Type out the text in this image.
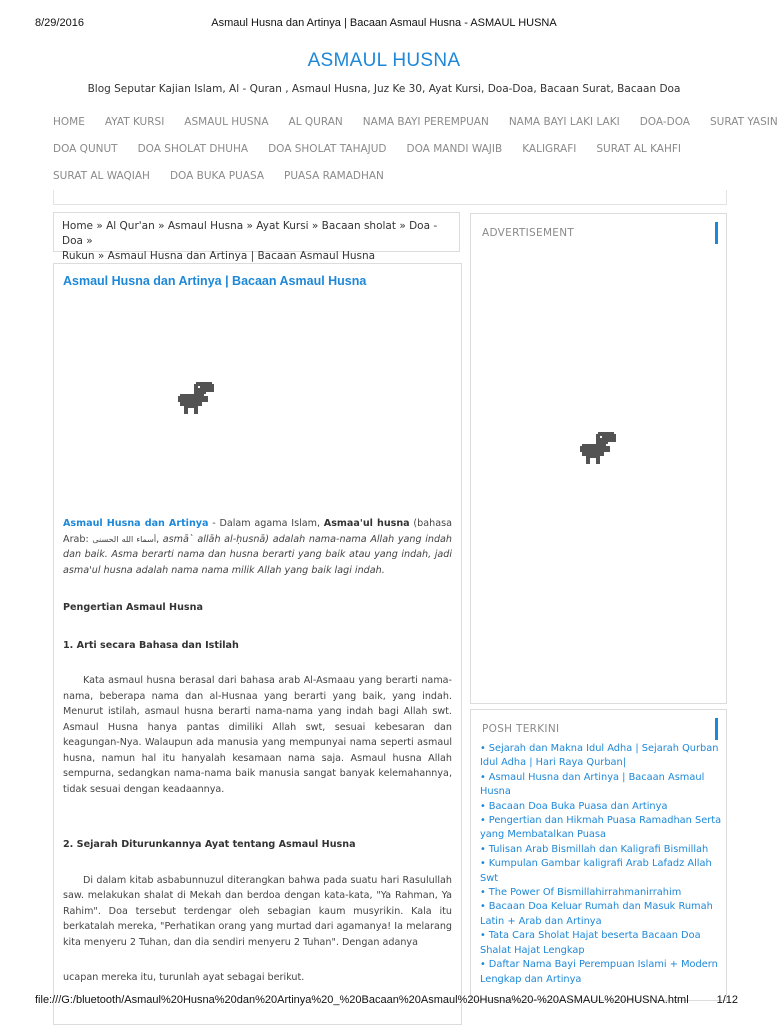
8/29/2016	Asmaul Husna dan Artinya | Bacaan Asmaul Husna - ASMAUL HUSNA
ASMAUL HUSNA
Blog Seputar Kajian Islam, Al - Quran , Asmaul Husna, Juz Ke 30, Ayat Kursi, Doa-Doa, Bacaan Surat, Bacaan Doa
HOME AYAT KURSI ASMAUL HUSNA AL QURAN NAMA BAYI PEREMPUAN NAMA BAYI LAKI LAKI DOA-DOA SURAT YASIN
DOA QUNUT DOA SHOLAT DHUHA DOA SHOLAT TAHAJUD DOA MANDI WAJIB KALIGRAFI SURAT AL KAHFI
SURAT AL WAQIAH DOA BUKA PUASA PUASA RAMADHAN
Home » Al Qur'an » Asmaul Husna » Ayat Kursi » Bacaan sholat » Doa - Doa »
Rukun » Asmaul Husna dan Artinya | Bacaan Asmaul Husna
Asmaul Husna dan Artinya | Bacaan Asmaul Husna

Asmaul Husna dan Artinya - Dalam agama Islam, Asmaa'ul husna (bahasa Arab: أسماء الله الحسنى, asmā` allāh al-ḥusnā) adalah nama-nama Allah yang indah dan baik. Asma berarti nama dan husna berarti yang baik atau yang indah, jadi asma'ul husna adalah nama nama milik Allah yang baik lagi indah.

Pengertian Asmaul Husna

1. Arti secara Bahasa dan Istilah

Kata asmaul husna berasal dari bahasa arab Al-Asmaau yang berarti nama-nama, beberapa nama dan al-Husnaa yang berarti yang baik, yang indah. Menurut istilah, asmaul husna berarti nama-nama yang indah bagi Allah swt. Asmaul Husna hanya pantas dimiliki Allah swt, sesuai kebesaran dan keagungan-Nya. Walaupun ada manusia yang mempunyai nama seperti asmaul husna, namun hal itu hanyalah kesamaan nama saja. Asmaul husna Allah sempurna, sedangkan nama-nama baik manusia sangat banyak kelemahannya, tidak sesuai dengan keadaannya.

2. Sejarah Diturunkannya Ayat tentang Asmaul Husna

Di dalam kitab asbabunnuzul diterangkan bahwa pada suatu hari Rasulullah saw. melakukan shalat di Mekah dan berdoa dengan kata-kata, "Ya Rahman, Ya Rahim". Doa tersebut terdengar oleh sebagian kaum musyrikin. Kala itu berkatalah mereka, "Perhatikan orang yang murtad dari agamanya! Ia melarang kita menyeru 2 Tuhan, dan dia sendiri menyeru 2 Tuhan". Dengan adanya

ucapan mereka itu, turunlah ayat sebagai berikut.

ADVERTISEMENT
POSH TERKINI
• Sejarah dan Makna Idul Adha | Sejarah Qurban Idul Adha | Hari Raya Qurban|
• Asmaul Husna dan Artinya | Bacaan Asmaul Husna
• Bacaan Doa Buka Puasa dan Artinya
• Pengertian dan Hikmah Puasa Ramadhan Serta yang Membatalkan Puasa
• Tulisan Arab Bismillah dan Kaligrafi Bismillah
• Kumpulan Gambar kaligrafi Arab Lafadz Allah Swt
• The Power Of Bismillahirrahmanirrahim
• Bacaan Doa Keluar Rumah dan Masuk Rumah Latin + Arab dan Artinya
• Tata Cara Sholat Hajat beserta Bacaan Doa Shalat Hajat Lengkap
• Daftar Nama Bayi Perempuan Islami + Modern Lengkap dan Artinya
file:///G:/bluetooth/Asmaul%20Husna%20dan%20Artinya%20_%20Bacaan%20Asmaul%20Husna%20-%20ASMAUL%20HUSNA.html	1/12
